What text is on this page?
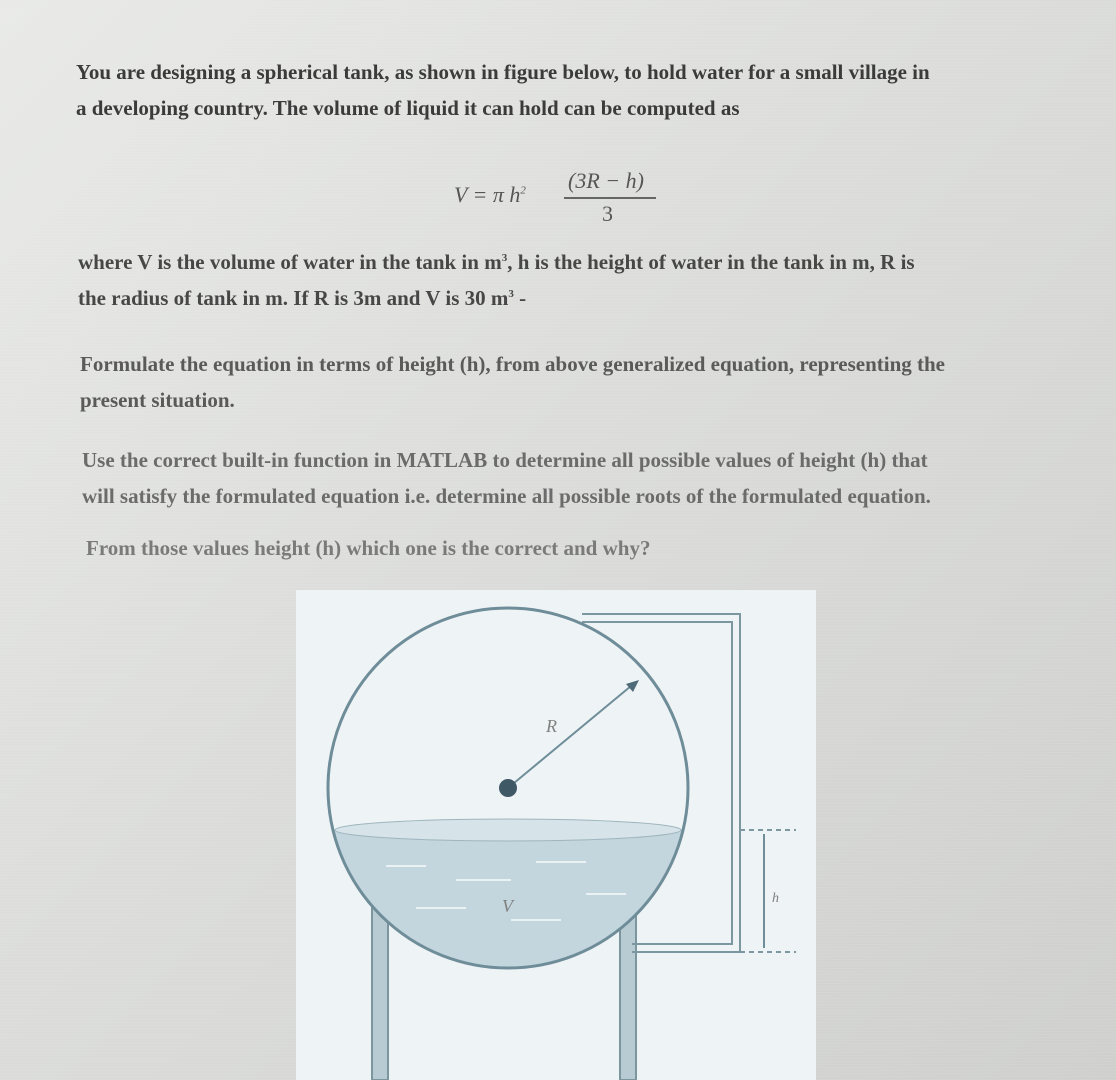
You are designing a spherical tank, as shown in figure below, to hold water for a small village in
a developing country. The volume of liquid it can hold can be computed as
V = π $h^2$ (3R − h)
3
where V is the volume of water in the tank in $m^3$, h is the height of water in the tank in m, R is
the radius of tank in m. If R is 3m and V is 30 $m^3$ -
Formulate the equation in terms of height (h), from above generalized equation, representing the
present situation.
Use the correct built-in function in MATLAB to determine all possible values of height (h) that
will satisfy the formulated equation i.e. determine all possible roots of the formulated equation.
From those values height (h) which one is the correct and why?
R
V	h
